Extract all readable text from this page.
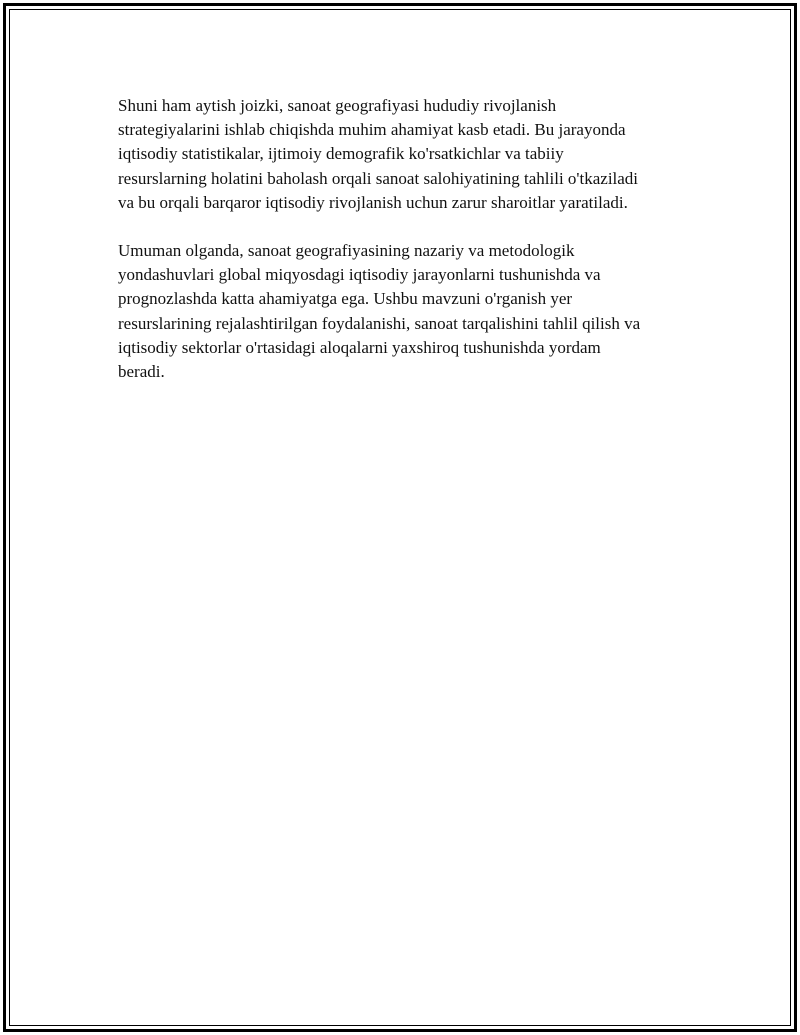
Shuni ham aytish joizki, sanoat geografiyasi hududiy rivojlanish
strategiyalarini ishlab chiqishda muhim ahamiyat kasb etadi. Bu jarayonda
iqtisodiy statistikalar, ijtimoiy demografik ko'rsatkichlar va tabiiy
resurslarning holatini baholash orqali sanoat salohiyatining tahlili o'tkaziladi
va bu orqali barqaror iqtisodiy rivojlanish uchun zarur sharoitlar yaratiladi.

Umuman olganda, sanoat geografiyasining nazariy va metodologik
yondashuvlari global miqyosdagi iqtisodiy jarayonlarni tushunishda va
prognozlashda katta ahamiyatga ega. Ushbu mavzuni o'rganish yer
resurslarining rejalashtirilgan foydalanishi, sanoat tarqalishini tahlil qilish va
iqtisodiy sektorlar o'rtasidagi aloqalarni yaxshiroq tushunishda yordam
beradi.
